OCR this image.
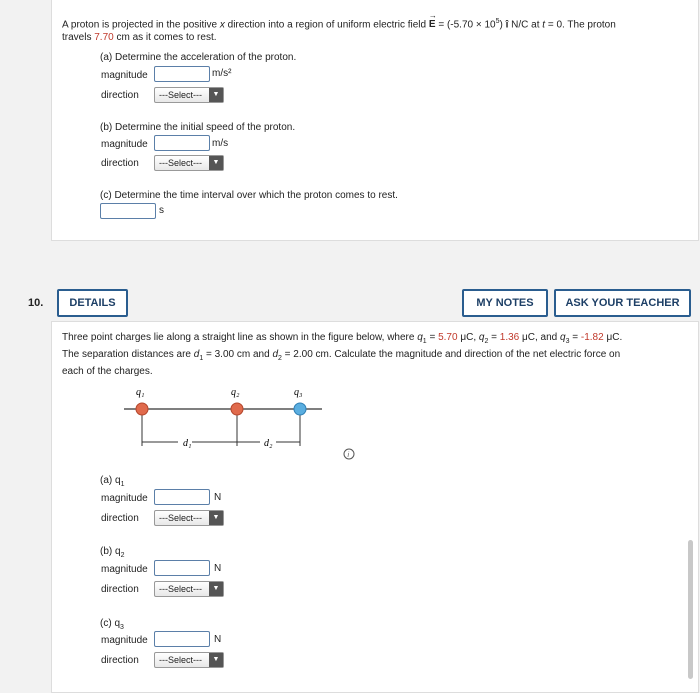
A proton is projected in the positive x direction into a region of uniform electric field → $E = (-5.70 \times 10^5)$ î N/C at t = 0. The proton
travels 7.70 cm as it comes to rest.
(a) Determine the acceleration of the proton.
magnitude	m/s²
direction	---Select---	▼
(b) Determine the initial speed of the proton.
magnitude	m/s
direction	---Select---	▼
(c) Determine the time interval over which the proton comes to rest.
s
10.	DETAILS	MY NOTES	ASK YOUR TEACHER
Three point charges lie along a straight line as shown in the figure below, where $q_1 = 5.70$ μC, $q_2 = 1.36$ μC, and $q_3 = -1.82$ μC.
The separation distances are $d_1 = 3.00$ cm and $d_2 = 2.00$ cm. Calculate the magnitude and direction of the net electric force on
each of the charges.
d₁	d₂
q₁	q₂	q₃
i
(a) $q_1$
magnitude	N
direction	---Select---	▼
(b) $q_2$
magnitude	N
direction	---Select---	▼
(c) $q_3$
magnitude	N
direction	---Select---	▼
